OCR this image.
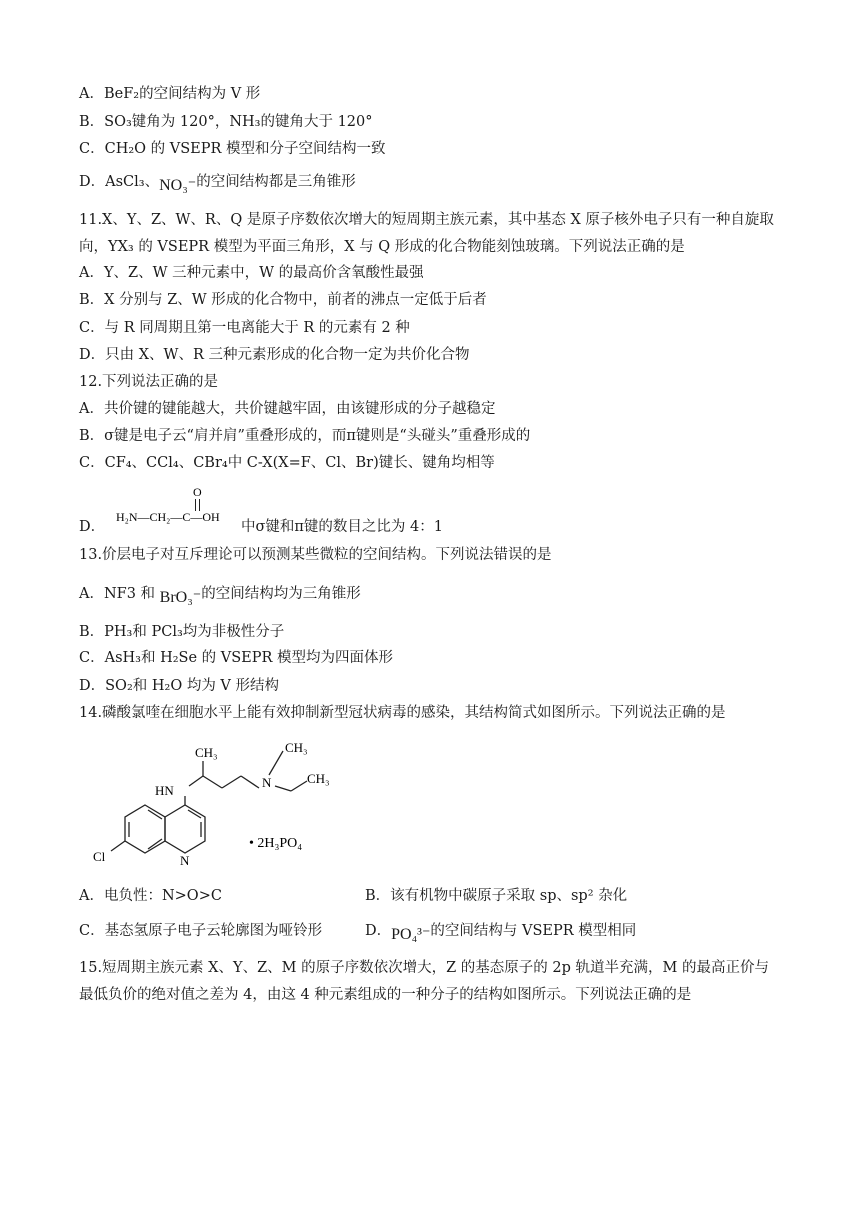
A．BeF₂的空间结构为 V 形
B．SO₃键角为 120°，NH₃的键角大于 120°
C．CH₂O 的 VSEPR 模型和分子空间结构一致
D．AsCl₃、NO₃⁻的空间结构都是三角锥形
11.X、Y、Z、W、R、Q 是原子序数依次增大的短周期主族元素，其中基态 X 原子核外电子只有一种自旋取向，YX₃ 的 VSEPR 模型为平面三角形，X 与 Q 形成的化合物能刻蚀玻璃。下列说法正确的是
A．Y、Z、W 三种元素中，W 的最高价含氧酸性最强
B．X 分别与 Z、W 形成的化合物中，前者的沸点一定低于后者
C．与 R 同周期且第一电离能大于 R 的元素有 2 种
D．只由 X、W、R 三种元素形成的化合物一定为共价化合物
12.下列说法正确的是
A．共价键的键能越大，共价键越牢固，由该键形成的分子越稳定
B．σ键是电子云“肩并肩”重叠形成的，而π键则是“头碰头”重叠形成的
C．CF₄、CCl₄、CBr₄中 C-X(X=F、Cl、Br)键长、键角均相等
D．
O
H₂N—CH₂—C—OH
中σ键和π键的数目之比为 4：1
13.价层电子对互斥理论可以预测某些微粒的空间结构。下列说法错误的是
A．NF3 和 BrO₃⁻的空间结构均为三角锥形
B．PH₃和 PCl₃均为非极性分子
C．AsH₃和 H₂Se 的 VSEPR 模型均为四面体形
D．SO₂和 H₂O 均为 V 形结构
14.磷酸氯喹在细胞水平上能有效抑制新型冠状病毒的感染，其结构简式如图所示。下列说法正确的是
CH₃	CH₃
CH₃
N
HN
Cl	N
• 2H₃PO₄
A．电负性：N>O>C	B．该有机物中碳原子采取 sp、sp² 杂化
C．基态氢原子电子云轮廓图为哑铃形	D．PO₄³⁻的空间结构与 VSEPR 模型相同
15.短周期主族元素 X、Y、Z、M 的原子序数依次增大，Z 的基态原子的 2p 轨道半充满，M 的最高正价与最低负价的绝对值之差为 4，由这 4 种元素组成的一种分子的结构如图所示。下列说法正确的是
